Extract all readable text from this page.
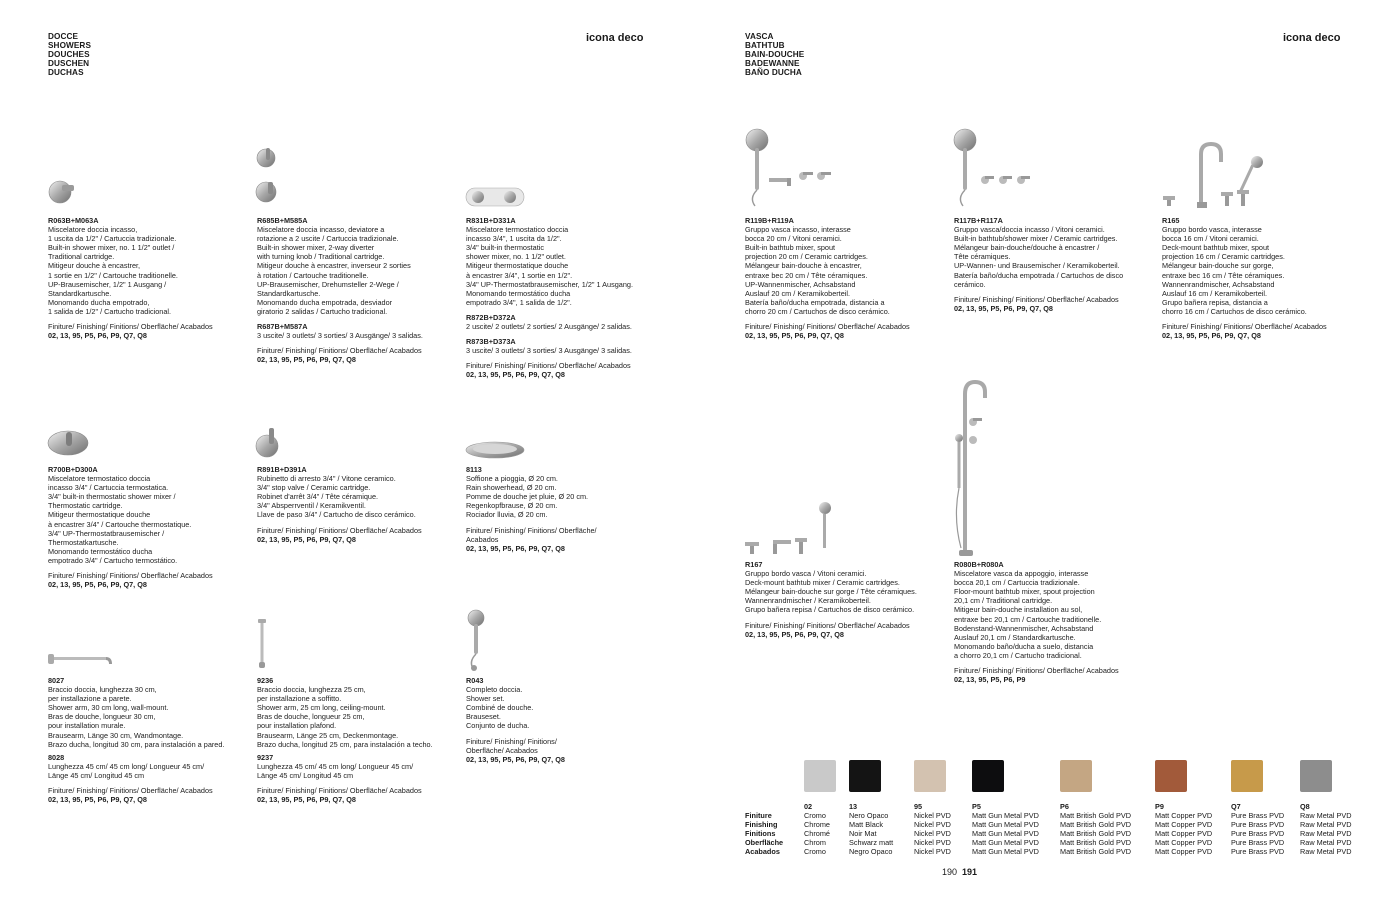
DOCCE
SHOWERS
DOUCHES
DUSCHEN
DUCHAS
icona deco
R063B+M063A
Miscelatore doccia incasso,
1 uscita da 1/2" / Cartuccia tradizionale.
Built-in shower mixer, no. 1 1/2" outlet /
Traditional cartridge.
Mitigeur douche à encastrer,
1 sortie en 1/2" / Cartouche traditionelle.
UP-Brausemischer, 1/2" 1 Ausgang /
Standardkartusche.
Monomando ducha empotrado,
1 salida de 1/2" / Cartucho tradicional.
Finiture/ Finishing/ Finitions/ Oberfläche/ Acabados
02, 13, 95, P5, P6, P9, Q7, Q8
R685B+M585A
Miscelatore doccia incasso, deviatore a
rotazione a 2 uscite / Cartuccia tradizionale.
Built-in shower mixer, 2-way diverter
with turning knob / Traditional cartridge.
Mitigeur douche à encastrer, inverseur 2 sorties
à rotation / Cartouche traditionelle.
UP-Brausemischer, Drehumsteller 2-Wege /
Standardkartusche.
Monomando ducha empotrada, desviador
giratorio 2 salidas / Cartucho tradicional.
R687B+M587A
3 uscite/ 3 outlets/ 3 sorties/ 3 Ausgänge/ 3 salidas.
Finiture/ Finishing/ Finitions/ Oberfläche/ Acabados
02, 13, 95, P5, P6, P9, Q7, Q8
R831B+D331A
Miscelatore termostatico doccia
incasso 3/4", 1 uscita da 1/2".
3/4" built-in thermostatic
shower mixer, no. 1 1/2" outlet.
Mitigeur thermostatique douche
à encastrer 3/4", 1 sortie en 1/2".
3/4" UP-Thermostatbrausemischer, 1/2" 1 Ausgang.
Monomando termostático ducha
empotrado 3/4", 1 salida de 1/2".
R872B+D372A
2 uscite/ 2 outlets/ 2 sorties/ 2 Ausgänge/ 2 salidas.
R873B+D373A
3 uscite/ 3 outlets/ 3 sorties/ 3 Ausgänge/ 3 salidas.
Finiture/ Finishing/ Finitions/ Oberfläche/ Acabados
02, 13, 95, P5, P6, P9, Q7, Q8
R700B+D300A
Miscelatore termostatico doccia
incasso 3/4" / Cartuccia termostatica.
3/4" built-in thermostatic shower mixer /
Thermostatic cartridge.
Mitigeur thermostatique douche
à encastrer 3/4" / Cartouche thermostatique.
3/4" UP-Thermostatbrausemischer /
Thermostatkartusche.
Monomando termostático ducha
empotrado 3/4" / Cartucho termostático.
Finiture/ Finishing/ Finitions/ Oberfläche/ Acabados
02, 13, 95, P5, P6, P9, Q7, Q8
R891B+D391A
Rubinetto di arresto 3/4" / Vitone ceramico.
3/4" stop valve / Ceramic cartridge.
Robinet d'arrêt 3/4" / Tête céramique.
3/4" Absperrventil / Keramikventil.
Llave de paso 3/4" / Cartucho de disco cerámico.
Finiture/ Finishing/ Finitions/ Oberfläche/ Acabados
02, 13, 95, P5, P6, P9, Q7, Q8
8113
Soffione a pioggia, Ø 20 cm.
Rain showerhead, Ø 20 cm.
Pomme de douche jet pluie, Ø 20 cm.
Regenkopfbrause, Ø 20 cm.
Rociador lluvia, Ø 20 cm.
Finiture/ Finishing/ Finitions/ Oberfläche/
Acabados
02, 13, 95, P5, P6, P9, Q7, Q8
8027
Braccio doccia, lunghezza 30 cm,
per installazione a parete.
Shower arm, 30 cm long, wall-mount.
Bras de douche, longueur 30 cm,
pour installation murale.
Brausearm, Länge 30 cm, Wandmontage.
Brazo ducha, longitud 30 cm, para instalación a pared.
8028
Lunghezza 45 cm/ 45 cm long/ Longueur 45 cm/
Länge 45 cm/ Longitud 45 cm
Finiture/ Finishing/ Finitions/ Oberfläche/ Acabados
02, 13, 95, P5, P6, P9, Q7, Q8
9236
Braccio doccia, lunghezza 25 cm,
per installazione a soffitto.
Shower arm, 25 cm long, ceiling-mount.
Bras de douche, longueur 25 cm,
pour installation plafond.
Brausearm, Länge 25 cm, Deckenmontage.
Brazo ducha, longitud 25 cm, para instalación a techo.
9237
Lunghezza 45 cm/ 45 cm long/ Longueur 45 cm/
Länge 45 cm/ Longitud 45 cm
Finiture/ Finishing/ Finitions/ Oberfläche/ Acabados
02, 13, 95, P5, P6, P9, Q7, Q8
R043
Completo doccia.
Shower set.
Combiné de douche.
Brauseset.
Conjunto de ducha.
Finiture/ Finishing/ Finitions/
Oberfläche/ Acabados
02, 13, 95, P5, P6, P9, Q7, Q8
190
VASCA
BATHTUB
BAIN-DOUCHE
BADEWANNE
BAÑO DUCHA
icona deco
R119B+R119A
Gruppo vasca incasso, interasse
bocca 20 cm / Vitoni ceramici.
Built-in bathtub mixer, spout
projection 20 cm / Ceramic cartridges.
Mélangeur bain-douche à encastrer,
entraxe bec 20 cm / Tête céramiques.
UP-Wannenmischer, Achsabstand
Auslauf 20 cm / Keramikoberteil.
Batería baño/ducha empotrada, distancia a
chorro 20 cm / Cartuchos de disco cerámico.
Finiture/ Finishing/ Finitions/ Oberfläche/ Acabados
02, 13, 95, P5, P6, P9, Q7, Q8
R117B+R117A
Gruppo vasca/doccia incasso / Vitoni ceramici.
Built-in bathtub/shower mixer / Ceramic cartridges.
Mélangeur bain-douche/douche à encastrer /
Tête céramiques.
UP-Wannen- und Brausemischer / Keramikoberteil.
Batería baño/ducha empotrada / Cartuchos de disco
cerámico.
Finiture/ Finishing/ Finitions/ Oberfläche/ Acabados
02, 13, 95, P5, P6, P9, Q7, Q8
R165
Gruppo bordo vasca, interasse
bocca 16 cm / Vitoni ceramici.
Deck-mount bathtub mixer, spout
projection 16 cm / Ceramic cartridges.
Mélangeur bain-douche sur gorge,
entraxe bec 16 cm / Tête céramiques.
Wannenrandmischer, Achsabstand
Auslauf 16 cm / Keramikoberteil.
Grupo bañera repisa, distancia a
chorro 16 cm / Cartuchos de disco cerámico.
Finiture/ Finishing/ Finitions/ Oberfläche/ Acabados
02, 13, 95, P5, P6, P9, Q7, Q8
R167
Gruppo bordo vasca / Vitoni ceramici.
Deck-mount bathtub mixer / Ceramic cartridges.
Mélangeur bain-douche sur gorge / Tête céramiques.
Wannenrandmischer / Keramikoberteil.
Grupo bañera repisa / Cartuchos de disco cerámico.
Finiture/ Finishing/ Finitions/ Oberfläche/ Acabados
02, 13, 95, P5, P6, P9, Q7, Q8
R080B+R080A
Miscelatore vasca da appoggio, interasse
bocca 20,1 cm / Cartuccia tradizionale.
Floor-mount bathtub mixer, spout projection
20,1 cm / Traditional cartridge.
Mitigeur bain-douche installation au sol,
entraxe bec 20,1 cm / Cartouche traditionelle.
Bodenstand-Wannenmischer, Achsabstand
Auslauf 20,1 cm / Standardkartusche.
Monomando baño/ducha a suelo, distancia
a chorro 20,1 cm / Cartucho tradicional.
Finiture/ Finishing/ Finitions/ Oberfläche/ Acabados
02, 13, 95, P5, P6, P9
191
Finiture
Finishing
Finitions
Oberfläche
Acabados
02
Cromo
Chrome
Chromé
Chrom
Cromo
13
Nero Opaco
Matt Black
Noir Mat
Schwarz matt
Negro Opaco
95
Nickel PVD
Nickel PVD
Nickel PVD
Nickel PVD
Nickel PVD
P5
Matt Gun Metal PVD
Matt Gun Metal PVD
Matt Gun Metal PVD
Matt Gun Metal PVD
Matt Gun Metal PVD
P6
Matt British Gold PVD
Matt British Gold PVD
Matt British Gold PVD
Matt British Gold PVD
Matt British Gold PVD
P9
Matt Copper PVD
Matt Copper PVD
Matt Copper PVD
Matt Copper PVD
Matt Copper PVD
Q7
Pure Brass PVD
Pure Brass PVD
Pure Brass PVD
Pure Brass PVD
Pure Brass PVD
Q8
Raw Metal PVD
Raw Metal PVD
Raw Metal PVD
Raw Metal PVD
Raw Metal PVD
